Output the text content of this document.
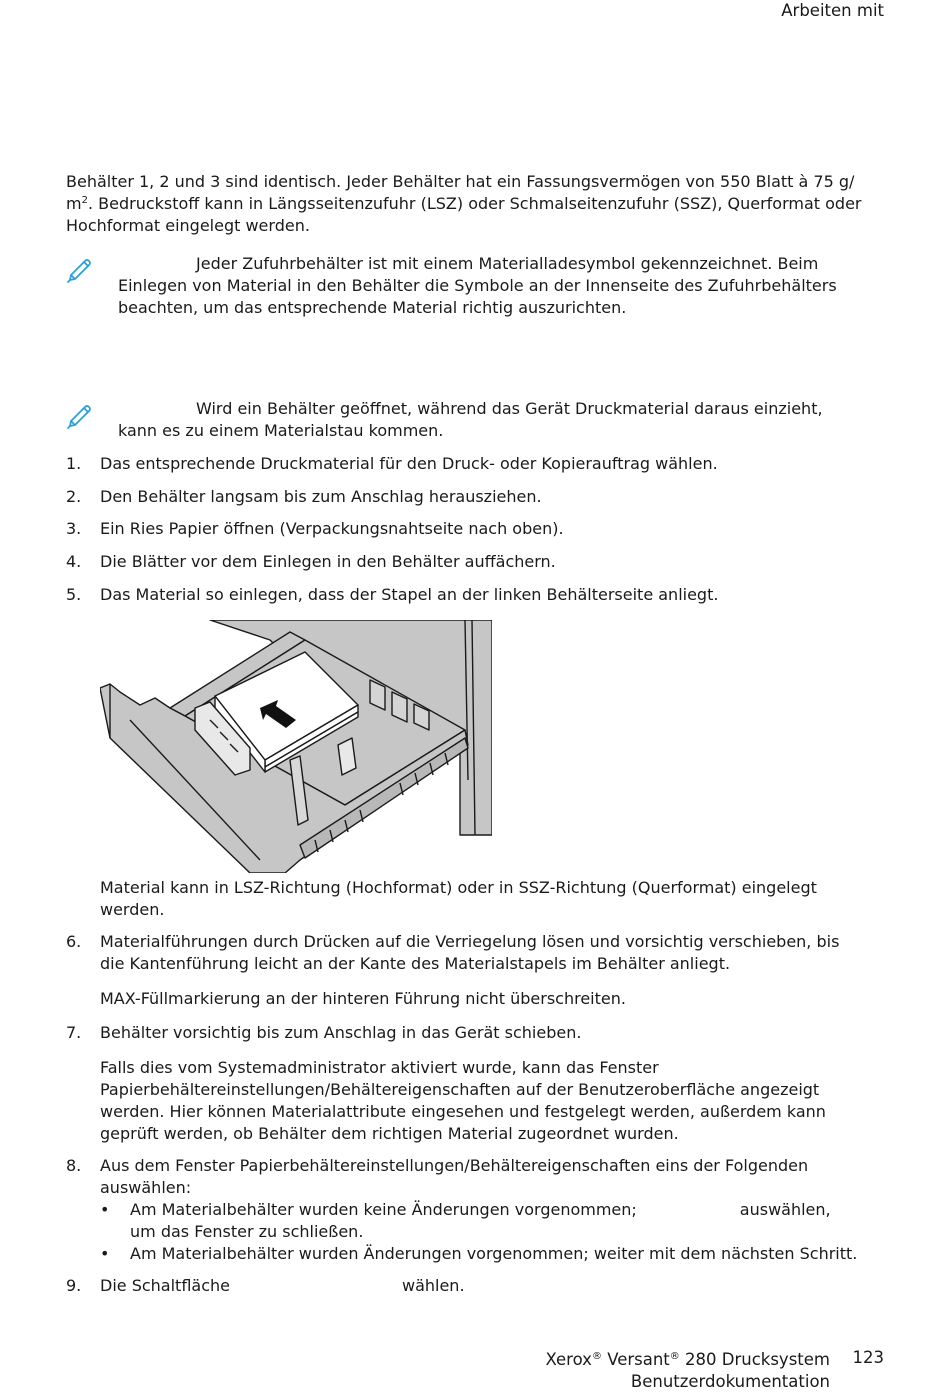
Arbeiten mit
Behälter 1, 2 und 3 sind identisch. Jeder Behälter hat ein Fassungsvermögen von 550 Blatt à 75 g/
$m^2$. Bedruckstoff kann in Längsseitenzufuhr (LSZ) oder Schmalseitenzufuhr (SSZ), Querformat oder
Hochformat eingelegt werden.
Jeder Zufuhrbehälter ist mit einem Materialladesymbol gekennzeichnet. Beim
Einlegen von Material in den Behälter die Symbole an der Innenseite des Zufuhrbehälters
beachten, um das entsprechende Material richtig auszurichten.
Wird ein Behälter geöffnet, während das Gerät Druckmaterial daraus einzieht,
kann es zu einem Materialstau kommen.
1. Das entsprechende Druckmaterial für den Druck- oder Kopierauftrag wählen.
2. Den Behälter langsam bis zum Anschlag herausziehen.
3. Ein Ries Papier öffnen (Verpackungsnahtseite nach oben).
4. Die Blätter vor dem Einlegen in den Behälter auffächern.
5. Das Material so einlegen, dass der Stapel an der linken Behälterseite anliegt.
Material kann in LSZ-Richtung (Hochformat) oder in SSZ-Richtung (Querformat) eingelegt
werden.
6. Materialführungen durch Drücken auf die Verriegelung lösen und vorsichtig verschieben, bis
die Kantenführung leicht an der Kante des Materialstapels im Behälter anliegt.
MAX-Füllmarkierung an der hinteren Führung nicht überschreiten.
7. Behälter vorsichtig bis zum Anschlag in das Gerät schieben.
Falls dies vom Systemadministrator aktiviert wurde, kann das Fenster
Papierbehältereinstellungen/Behältereigenschaften auf der Benutzeroberfläche angezeigt
werden. Hier können Materialattribute eingesehen und festgelegt werden, außerdem kann
geprüft werden, ob Behälter dem richtigen Material zugeordnet wurden.
8. Aus dem Fenster Papierbehältereinstellungen/Behältereigenschaften eins der Folgenden
auswählen:
• Am Materialbehälter wurden keine Änderungen vorgenommen;	auswählen,
um das Fenster zu schließen.
• Am Materialbehälter wurden Änderungen vorgenommen; weiter mit dem nächsten Schritt.
9. Die Schaltfläche	wählen.
Xerox® Versant® 280 Drucksystem
Benutzerdokumentation
123
